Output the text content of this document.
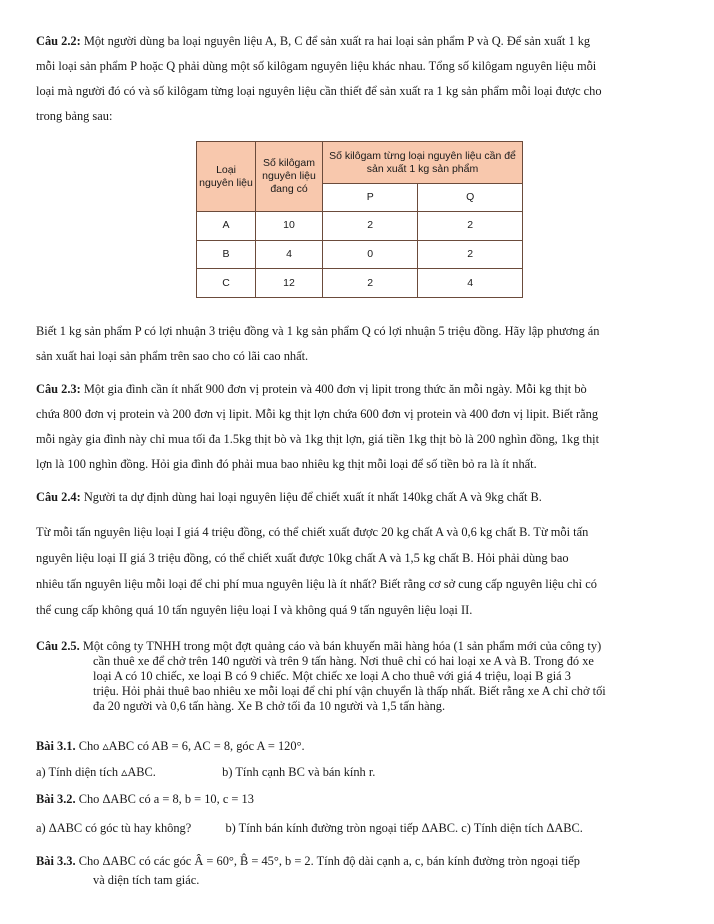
Câu 2.2: Một người dùng ba loại nguyên liệu A, B, C để sản xuất ra hai loại sản phẩm P và Q. Để sản xuất 1 kg
mỗi loại sản phẩm P hoặc Q phải dùng một số kilôgam nguyên liệu khác nhau. Tổng số kilôgam nguyên liệu mỗi
loại mà người đó có và số kilôgam từng loại nguyên liệu cần thiết để sản xuất ra 1 kg sản phẩm mỗi loại được cho
trong bảng sau:

Loại nguyên liệu	Số kilôgam nguyên liệu đang có	Số kilôgam từng loại nguyên liệu cần để sản xuất 1 kg sản phẩm	
		P	Q
A	10	2	2
B	4	0	2
C	12	2	4

Biết 1 kg sản phẩm P có lợi nhuận 3 triệu đồng và 1 kg sản phẩm Q có lợi nhuận 5 triệu đồng. Hãy lập phương án
sản xuất hai loại sản phẩm trên sao cho có lãi cao nhất.

Câu 2.3: Một gia đình cần ít nhất 900 đơn vị protein và 400 đơn vị lipit trong thức ăn mỗi ngày. Mỗi kg thịt bò
chứa 800 đơn vị protein và 200 đơn vị lipit. Mỗi kg thịt lợn chứa 600 đơn vị protein và 400 đơn vị lipit. Biết rằng
mỗi ngày gia đình này chỉ mua tối đa 1.5kg thịt bò và 1kg thịt lợn, giá tiền 1kg thịt bò là 200 nghìn đồng, 1kg thịt
lợn là 100 nghìn đồng. Hỏi gia đình đó phải mua bao nhiêu kg thịt mỗi loại để số tiền bỏ ra là ít nhất.

Câu 2.4: Người ta dự định dùng hai loại nguyên liệu để chiết xuất ít nhất 140kg chất A và 9kg chất B.

Từ mỗi tấn nguyên liệu loại I giá 4 triệu đồng, có thể chiết xuất được 20 kg chất A và 0,6 kg chất B. Từ mỗi tấn
nguyên liệu loại II giá 3 triệu đồng, có thể chiết xuất được 10kg chất A và 1,5 kg chất B. Hỏi phải dùng bao
nhiêu tấn nguyên liệu mỗi loại để chi phí mua nguyên liệu là ít nhất? Biết rằng cơ sở cung cấp nguyên liệu chỉ có
thể cung cấp không quá 10 tấn nguyên liệu loại I và không quá 9 tấn nguyên liệu loại II.

Câu 2.5. Một công ty TNHH trong một đợt quảng cáo và bán khuyến mãi hàng hóa (1 sản phẩm mới của công ty)
cần thuê xe để chở trên 140 người và trên 9 tấn hàng. Nơi thuê chỉ có hai loại xe A và B. Trong đó xe
loại A có 10 chiếc, xe loại B có 9 chiếc. Một chiếc xe loại A cho thuê với giá 4 triệu, loại B giá 3
triệu. Hỏi phải thuê bao nhiêu xe mỗi loại để chi phí vận chuyển là thấp nhất. Biết rằng xe A chỉ chở tối
đa 20 người và 0,6 tấn hàng. Xe B chở tối đa 10 người và 1,5 tấn hàng.

Bài 3.1. Cho ▵ABC có AB = 6, AC = 8, góc A = 120°.

a) Tính diện tích ▵ABC.	b) Tính cạnh BC và bán kính r.

Bài 3.2. Cho ΔABC có a = 8, b = 10, c = 13

a) ΔABC có góc tù hay không?	b) Tính bán kính đường tròn ngoại tiếp ΔABC. c) Tính diện tích ΔABC.

Bài 3.3. Cho ΔABC có các góc Â = 60°, B̂ = 45°, b = 2. Tính độ dài cạnh a, c, bán kính đường tròn ngoại tiếp
và diện tích tam giác.
